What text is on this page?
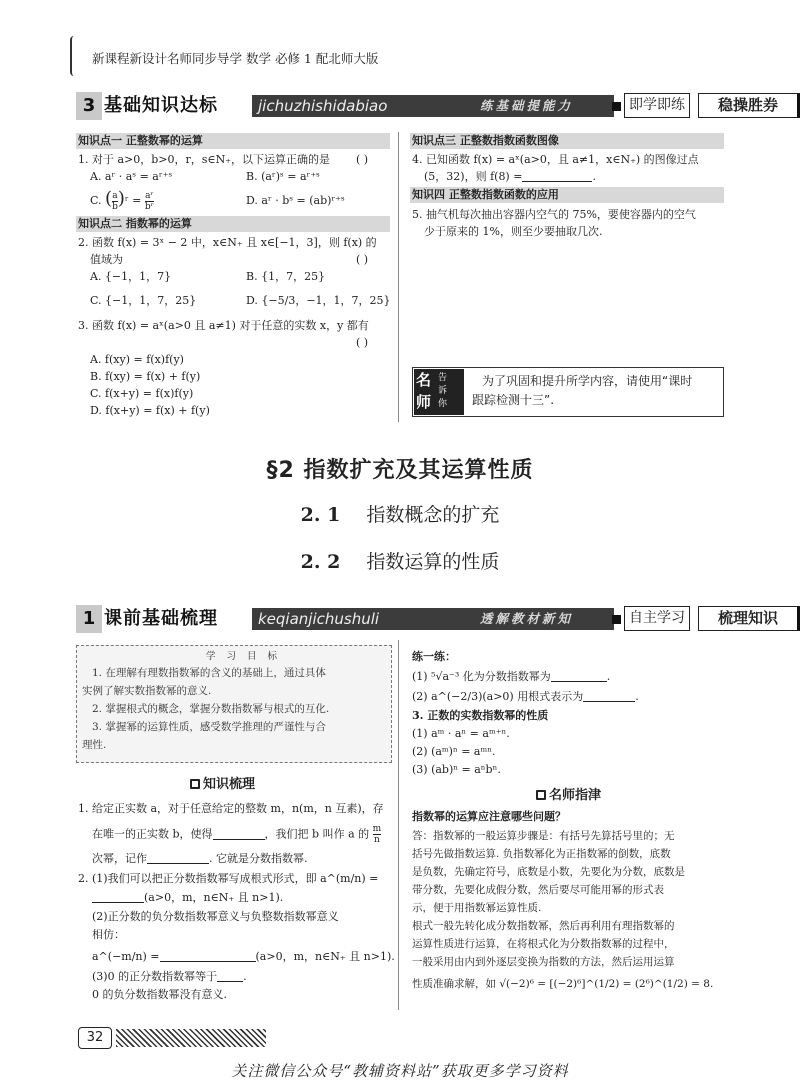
新课程新设计名师同步导学 数学 必修 1 配北师大版
3 基础知识达标	jichuzhishidabiao	练基础提能力	即学即练	稳操胜券
知识点一 正整数幂的运算
1. 对于 a>0，b>0，r，s∈N₊，以下运算正确的是 ( )
A. aʳ · aˢ = aʳ⁺ˢ	B. (aʳ)ˢ = aʳ⁺ˢ
C. ( $\frac{a}{b}$ )ʳ = $\frac{\text{aʳ}}{\text{bʳ}}$	D. aʳ · bˢ = (ab)ʳ⁺ˢ
知识点二 指数幂的运算
2. 函数 f(x) = 3ˣ − 2 中，x∈N₊ 且 x∈[−1，3]，则 f(x) 的
值域为	( )
A. {−1，1，7}	B. {1，7，25}
C. {−1，1，7，25}	D. {−5/3，−1，1，7，25}
3. 函数 f(x) = aˣ(a>0 且 a≠1) 对于任意的实数 x，y 都有
( )
A. f(xy) = f(x)f(y)
B. f(xy) = f(x) + f(y)
C. f(x+y) = f(x)f(y)
D. f(x+y) = f(x) + f(y)
知识点三 正整数指数函数图像
4. 已知函数 f(x) = aˣ(a>0，且 a≠1，x∈N₊) 的图像过点
(5，32)，则 f(8) =	.
知识四 正整数指数函数的应用
5. 抽气机每次抽出容器内空气的 75%，要使容器内的空气
少于原来的 1%，则至少要抽取几次.
名师
告诉你
为了巩固和提升所学内容，请使用“课时
跟踪检测十三”.
§2 指数扩充及其运算性质
2. 1 指数概念的扩充
2. 2 指数运算的性质
1 课前基础梳理	keqianjichushuli	透解教材新知	自主学习	梳理知识
学 习 目 标
1. 在理解有理数指数幂的含义的基础上，通过具体
实例了解实数指数幂的意义.
2. 掌握根式的概念，掌握分数指数幂与根式的互化.
3. 掌握幂的运算性质，感受数学推理的严谨性与合
理性.
知识梳理
1. 给定正实数 a，对于任意给定的整数 m，n(m，n 互素)，存
在唯一的正实数 b，使得	，我们把 b 叫作 a 的 $\frac{m}{n}$
次幂，记作	. 它就是分数指数幂.
2. (1)我们可以把正分数指数幂写成根式形式，即 a^(m/n) =
(a>0，m，n∈N₊ 且 n>1).
(2)正分数的负分数指数幂意义与负整数指数幂意义
相仿：
a^(−m/n) =	(a>0，m，n∈N₊ 且 n>1).
(3)0 的正分数指数幂等于 .
0 的负分数指数幂没有意义.
练一练：
(1) ⁵√a⁻³ 化为分数指数幂为	.
(2) a^(−2/3)(a>0) 用根式表示为	.
3. 正数的实数指数幂的性质
(1) aᵐ · aⁿ = aᵐ⁺ⁿ.
(2) (aᵐ)ⁿ = aᵐⁿ.
(3) (ab)ⁿ = aⁿbⁿ.
名师指津
指数幂的运算应注意哪些问题？
答：指数幂的一般运算步骤是：有括号先算括号里的；无
括号先做指数运算. 负指数幂化为正指数幂的倒数，底数
是负数，先确定符号，底数是小数，先要化为分数，底数是
带分数，先要化成假分数，然后要尽可能用幂的形式表
示，便于用指数幂运算性质.
根式一般先转化成分数指数幂，然后再利用有理指数幂的
运算性质进行运算，在将根式化为分数指数幂的过程中，
一般采用由内到外逐层变换为指数的方法，然后运用运算
性质准确求解，如 √(−2)⁶ = [(−2)⁶]^(1/2) = (2⁶)^(1/2) = 8.
32
关注微信公众号“教辅资料站”获取更多学习资料
